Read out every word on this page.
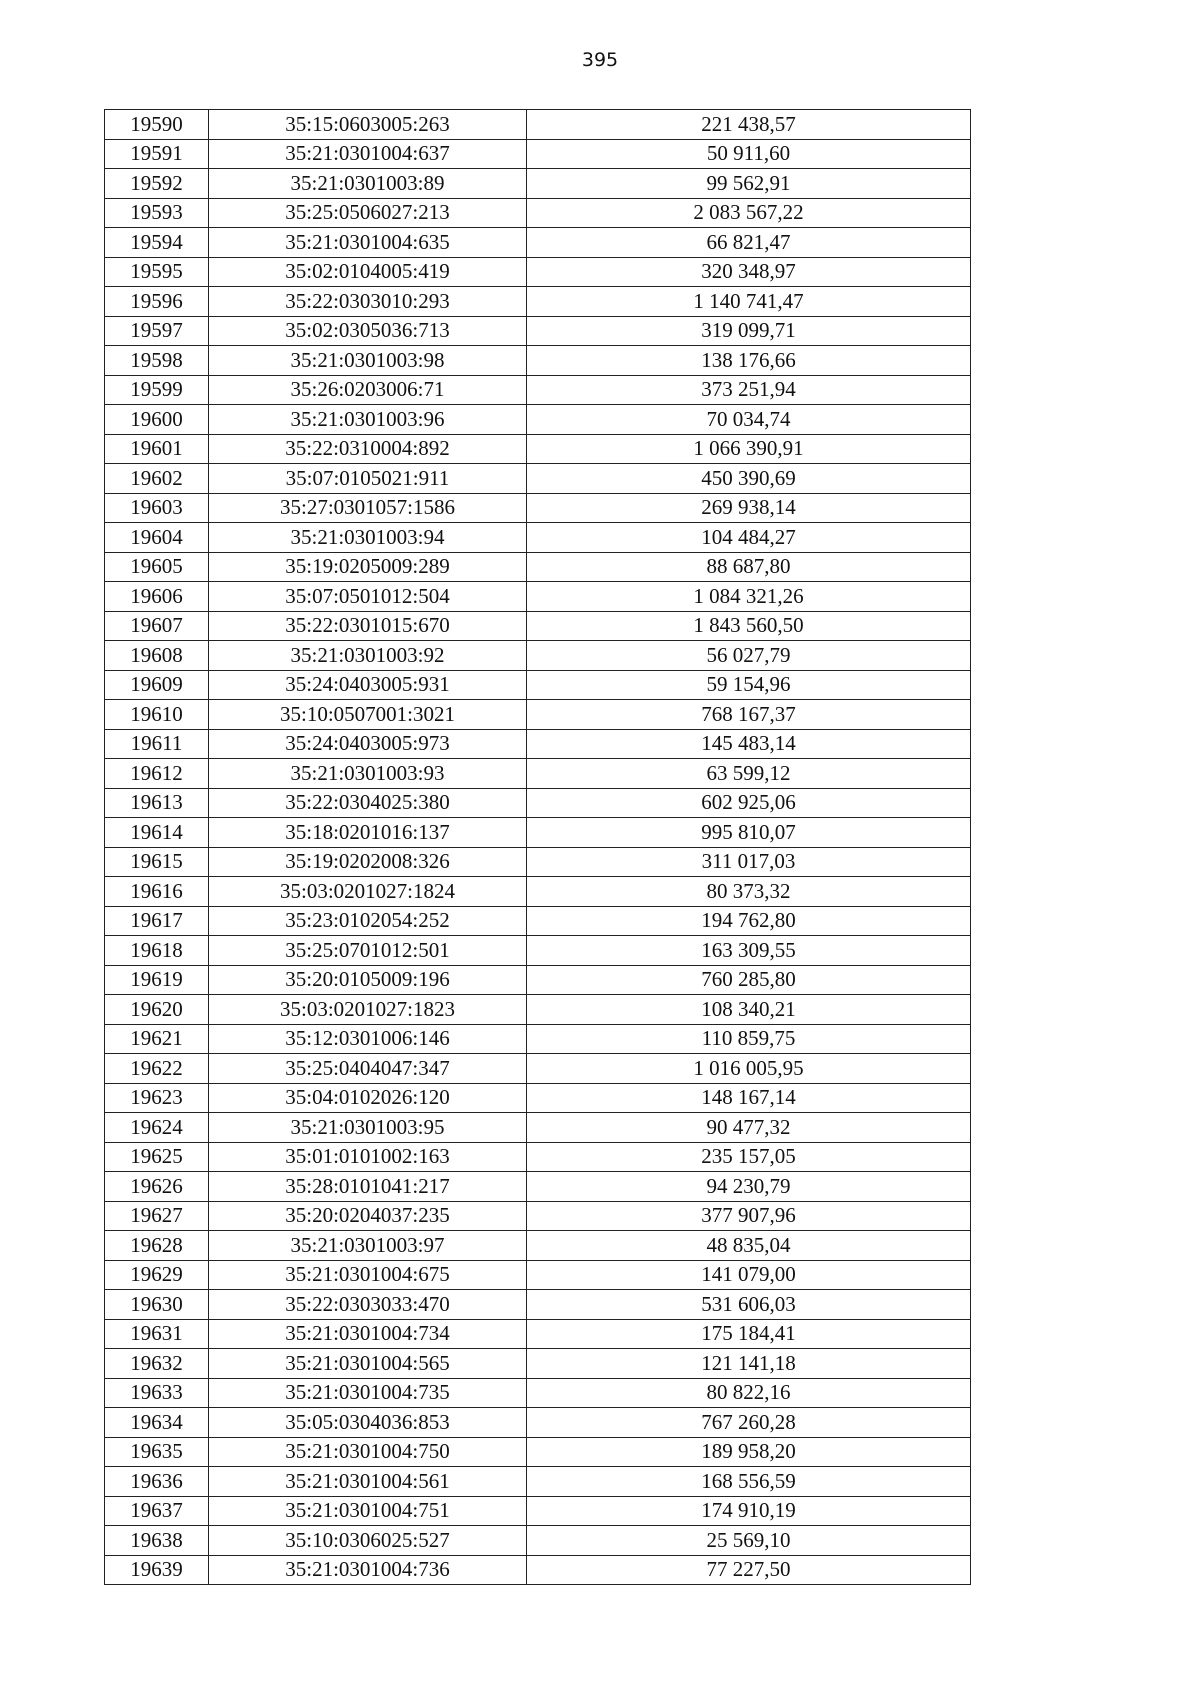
395
19590	35:15:0603005:263	221 438,57
19591	35:21:0301004:637	50 911,60
19592	35:21:0301003:89	99 562,91
19593	35:25:0506027:213	2 083 567,22
19594	35:21:0301004:635	66 821,47
19595	35:02:0104005:419	320 348,97
19596	35:22:0303010:293	1 140 741,47
19597	35:02:0305036:713	319 099,71
19598	35:21:0301003:98	138 176,66
19599	35:26:0203006:71	373 251,94
19600	35:21:0301003:96	70 034,74
19601	35:22:0310004:892	1 066 390,91
19602	35:07:0105021:911	450 390,69
19603	35:27:0301057:1586	269 938,14
19604	35:21:0301003:94	104 484,27
19605	35:19:0205009:289	88 687,80
19606	35:07:0501012:504	1 084 321,26
19607	35:22:0301015:670	1 843 560,50
19608	35:21:0301003:92	56 027,79
19609	35:24:0403005:931	59 154,96
19610	35:10:0507001:3021	768 167,37
19611	35:24:0403005:973	145 483,14
19612	35:21:0301003:93	63 599,12
19613	35:22:0304025:380	602 925,06
19614	35:18:0201016:137	995 810,07
19615	35:19:0202008:326	311 017,03
19616	35:03:0201027:1824	80 373,32
19617	35:23:0102054:252	194 762,80
19618	35:25:0701012:501	163 309,55
19619	35:20:0105009:196	760 285,80
19620	35:03:0201027:1823	108 340,21
19621	35:12:0301006:146	110 859,75
19622	35:25:0404047:347	1 016 005,95
19623	35:04:0102026:120	148 167,14
19624	35:21:0301003:95	90 477,32
19625	35:01:0101002:163	235 157,05
19626	35:28:0101041:217	94 230,79
19627	35:20:0204037:235	377 907,96
19628	35:21:0301003:97	48 835,04
19629	35:21:0301004:675	141 079,00
19630	35:22:0303033:470	531 606,03
19631	35:21:0301004:734	175 184,41
19632	35:21:0301004:565	121 141,18
19633	35:21:0301004:735	80 822,16
19634	35:05:0304036:853	767 260,28
19635	35:21:0301004:750	189 958,20
19636	35:21:0301004:561	168 556,59
19637	35:21:0301004:751	174 910,19
19638	35:10:0306025:527	25 569,10
19639	35:21:0301004:736	77 227,50
